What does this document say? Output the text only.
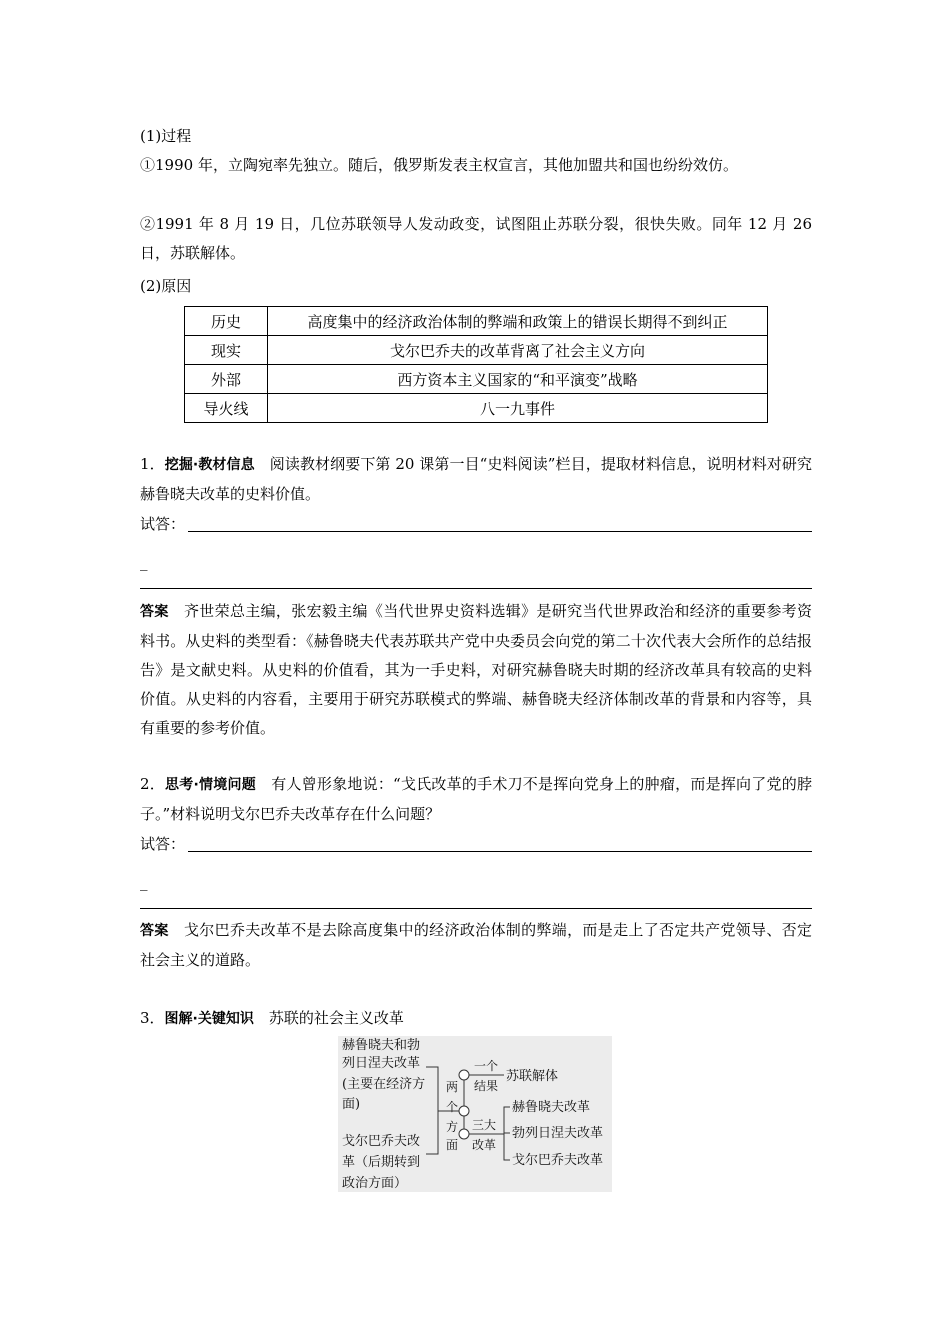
(1)过程
①1990 年，立陶宛率先独立。随后，俄罗斯发表主权宣言，其他加盟共和国也纷纷效仿。
②1991 年 8 月 19 日，几位苏联领导人发动政变，试图阻止苏联分裂，很快失败。同年 12 月 26 日，苏联解体。
(2)原因
历史	高度集中的经济政治体制的弊端和政策上的错误长期得不到纠正
现实	戈尔巴乔夫的改革背离了社会主义方向
外部	西方资本主义国家的“和平演变”战略
导火线	八一九事件
1．挖掘·教材信息　 阅读教材纲要下第 20 课第一目“史料阅读”栏目，提取材料信息，说明材料对研究赫鲁晓夫改革的史料价值。
试答：
_
答案　 齐世荣总主编，张宏毅主编《当代世界史资料选辑》是研究当代世界政治和经济的重要参考资料书。从史料的类型看：《赫鲁晓夫代表苏联共产党中央委员会向党的第二十次代表大会所作的总结报告》是文献史料。从史料的价值看，其为一手史料，对研究赫鲁晓夫时期的经济改革具有较高的史料价值。从史料的内容看，主要用于研究苏联模式的弊端、赫鲁晓夫经济体制改革的背景和内容等，具有重要的参考价值。
2．思考·情境问题　 有人曾形象地说：“戈氏改革的手术刀不是挥向党身上的肿瘤，而是挥向了党的脖子。”材料说明戈尔巴乔夫改革存在什么问题？
试答：
_
答案　 戈尔巴乔夫改革不是去除高度集中的经济政治体制的弊端，而是走上了否定共产党领导、否定社会主义的道路。
3．图解·关键知识　 苏联的社会主义改革
赫鲁晓夫和勃
列日涅夫改革
(主要在经济方
面)
戈尔巴乔夫改
革（后期转到
政治方面）
两
个
方
面
一个
结果
苏联解体
三大
改革
赫鲁晓夫改革
勃列日涅夫改革
戈尔巴乔夫改革
